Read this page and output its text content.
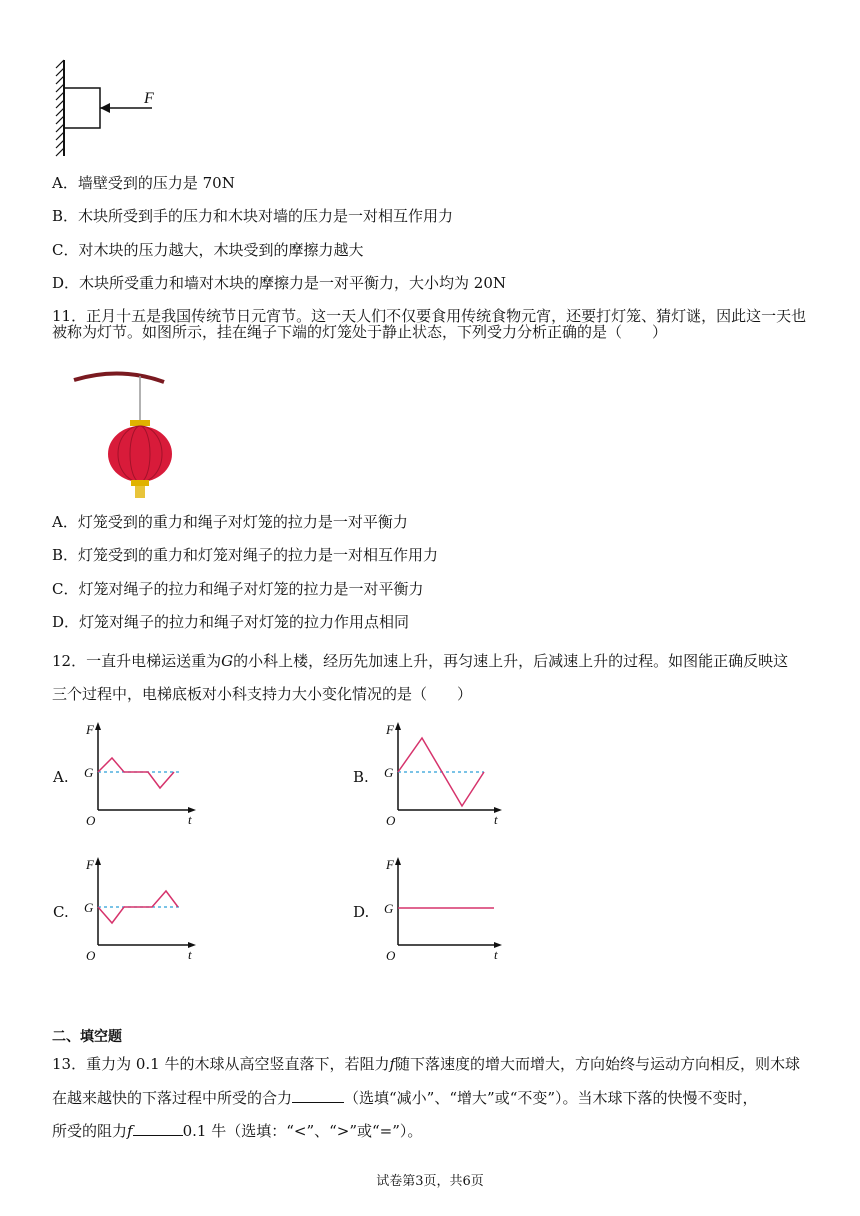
F
A．墙壁受到的压力是 70N
B．木块所受到手的压力和木块对墙的压力是一对相互作用力
C．对木块的压力越大，木块受到的摩擦力越大
D．木块所受重力和墙对木块的摩擦力是一对平衡力，大小均为 20N
11．正月十五是我国传统节日元宵节。这一天人们不仅要食用传统食物元宵，还要打灯笼、猜灯谜，因此这一天也
被称为灯节。如图所示，挂在绳子下端的灯笼处于静止状态，下列受力分析正确的是（　　）
A．灯笼受到的重力和绳子对灯笼的拉力是一对平衡力
B．灯笼受到的重力和灯笼对绳子的拉力是一对相互作用力
C．灯笼对绳子的拉力和绳子对灯笼的拉力是一对平衡力
D．灯笼对绳子的拉力和绳子对灯笼的拉力作用点相同
12．一直升电梯运送重为G的小科上楼，经历先加速上升，再匀速上升，后减速上升的过程。如图能正确反映这
三个过程中，电梯底板对小科支持力大小变化情况的是（　　）
A.	B.
C.	D.
F
G
O	t
F
G
O	t
F
G
O	t
F
G
O	t
二、填空题
13．重力为 0.1 牛的木球从高空竖直落下，若阻力f随下落速度的增大而增大，方向始终与运动方向相反，则木球
在越来越快的下落过程中所受的合力	（选填“减小”、“增大”或“不变”）。当木球下落的快慢不变时，
所受的阻力f	0.1 牛（选填：“<”、“>”或“=”）。
试卷第3页，共6页
